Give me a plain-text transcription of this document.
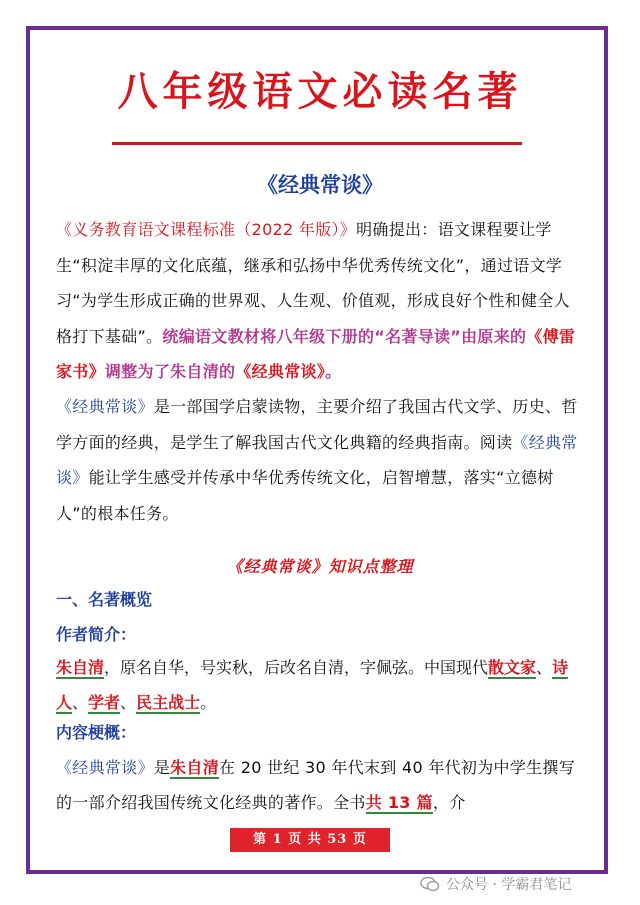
八年级语文必读名著
《经典常谈》
《义务教育语文课程标准（2022 年版）》明确提出：语文课程要让学生“积淀丰厚的文化底蕴，继承和弘扬中华优秀传统文化”，通过语文学习“为学生形成正确的世界观、人生观、价值观，形成良好个性和健全人格打下基础”。统编语文教材将八年级下册的“名著导读”由原来的《傅雷家书》调整为了朱自清的《经典常谈》。
《经典常谈》是一部国学启蒙读物，主要介绍了我国古代文学、历史、哲学方面的经典，是学生了解我国古代文化典籍的经典指南。阅读《经典常谈》能让学生感受并传承中华优秀传统文化，启智增慧，落实“立德树人”的根本任务。
《经典常谈》知识点整理
一、名著概览
作者简介：
朱自清，原名自华，号实秋，后改名自清，字佩弦。中国现代散文家、诗人、学者、民主战士。
内容梗概：
《经典常谈》是朱自清在 20 世纪 30 年代末到 40 年代初为中学生撰写的一部介绍我国传统文化经典的著作。全书共 13 篇，介
第 1 页 共 53 页
公众号 · 学霸君笔记
